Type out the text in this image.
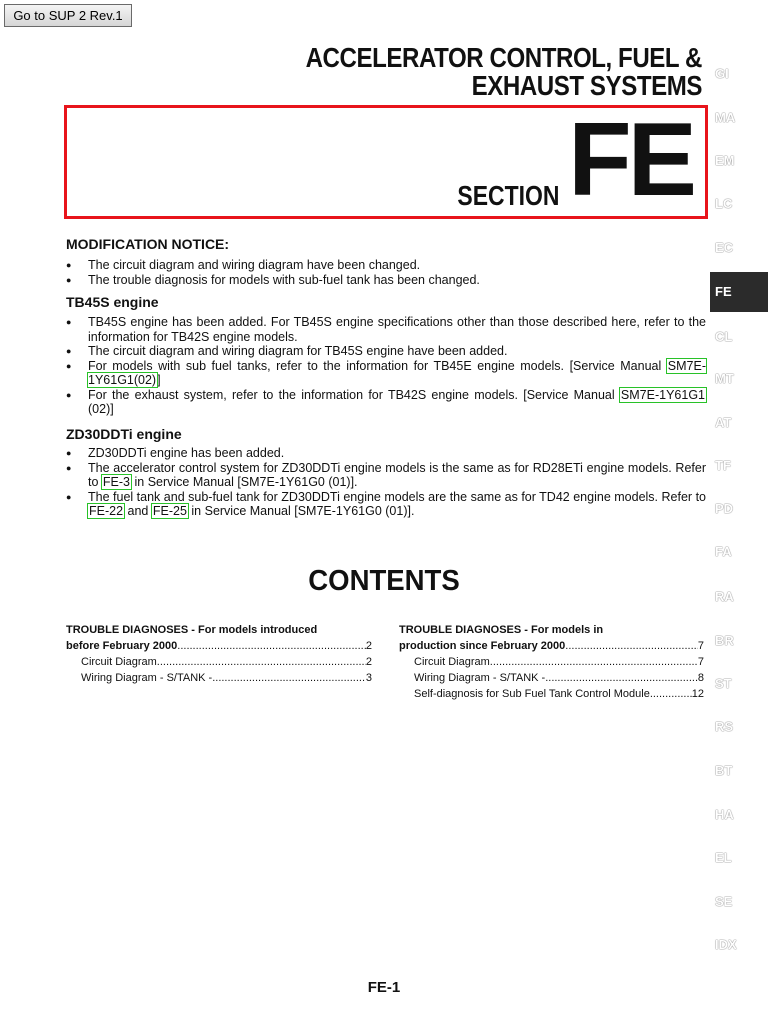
Go to SUP 2 Rev.1
ACCELERATOR CONTROL, FUEL &
EXHAUST SYSTEMS
SECTION FE
GI
MA
EM
LC
EC
FE
CL
MT
AT
TF
PD
FA
RA
BR
ST
RS
BT
HA
EL
SE
IDX
MODIFICATION NOTICE:
● The circuit diagram and wiring diagram have been changed.
● The trouble diagnosis for models with sub-fuel tank has been changed.
TB45S engine
● TB45S engine has been added. For TB45S engine specifications other than those described here, refer to the information for TB42S engine models.
● The circuit diagram and wiring diagram for TB45S engine have been added.
● For models with sub fuel tanks, refer to the information for TB45E engine models. [Service Manual SM7E-1Y61G1(02)]
● For the exhaust system, refer to the information for TB42S engine models. [Service Manual SM7E-1Y61G1 (02)]
ZD30DDTi engine
● ZD30DDTi engine has been added.
● The accelerator control system for ZD30DDTi engine models is the same as for RD28ETi engine models. Refer to FE-3 in Service Manual [SM7E-1Y61G0 (01)].
● The fuel tank and sub-fuel tank for ZD30DDTi engine models are the same as for TD42 engine models. Refer to FE-22 and FE-25 in Service Manual [SM7E-1Y61G0 (01)].
CONTENTS
TROUBLE DIAGNOSES - For models introduced
before February 2000 .....	2
Circuit Diagram .....	2
Wiring Diagram - S/TANK - .....	3
TROUBLE DIAGNOSES - For models in
production since February 2000 .....	7
Circuit Diagram .....	7
Wiring Diagram - S/TANK - .....	8
Self-diagnosis for Sub Fuel Tank Control Module .....	12
FE-1
